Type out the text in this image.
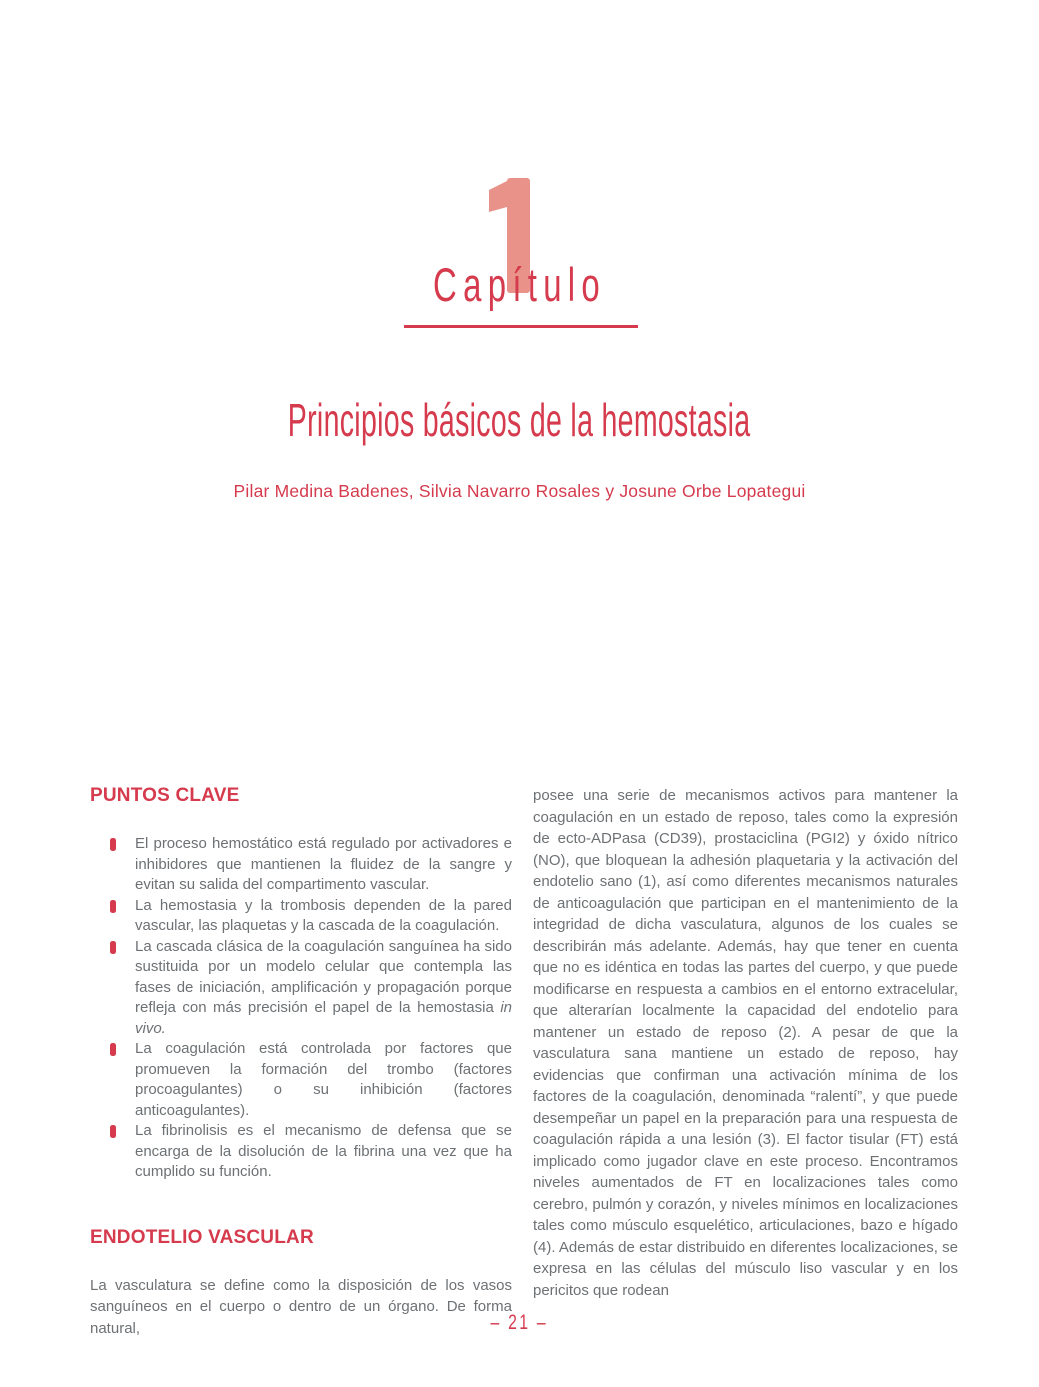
Capítulo
Principios básicos de la hemostasia
Pilar Medina Badenes, Silvia Navarro Rosales y Josune Orbe Lopategui
PUNTOS CLAVE
El proceso hemostático está regulado por activadores e inhibidores que mantienen la fluidez de la sangre y evitan su salida del compartimento vascular.
La hemostasia y la trombosis dependen de la pared vascular, las plaquetas y la cascada de la coagulación.
La cascada clásica de la coagulación sanguínea ha sido sustituida por un modelo celular que contempla las fases de iniciación, amplificación y propagación porque refleja con más precisión el papel de la hemostasia in vivo.
La coagulación está controlada por factores que promueven la formación del trombo (factores procoagulantes) o su inhibición (factores anticoagulantes).
La fibrinolisis es el mecanismo de defensa que se encarga de la disolución de la fibrina una vez que ha cumplido su función.
ENDOTELIO VASCULAR

La vasculatura se define como la disposición de los vasos sanguíneos en el cuerpo o dentro de un órgano. De forma natural,

posee una serie de mecanismos activos para mantener la coagulación en un estado de reposo, tales como la expresión de ecto-ADPasa (CD39), prostaciclina (PGI2) y óxido nítrico (NO), que bloquean la adhesión plaquetaria y la activación del endotelio sano (1), así como diferentes mecanismos naturales de anticoagulación que participan en el mantenimiento de la integridad de dicha vasculatura, algunos de los cuales se describirán más adelante. Además, hay que tener en cuenta que no es idéntica en todas las partes del cuerpo, y que puede modificarse en respuesta a cambios en el entorno extracelular, que alterarían localmente la capacidad del endotelio para mantener un estado de reposo (2). A pesar de que la vasculatura sana mantiene un estado de reposo, hay evidencias que confirman una activación mínima de los factores de la coagulación, denominada “ralentí”, y que puede desempeñar un papel en la preparación para una respuesta de coagulación rápida a una lesión (3). El factor tisular (FT) está implicado como jugador clave en este proceso. Encontramos niveles aumentados de FT en localizaciones tales como cerebro, pulmón y corazón, y niveles mínimos en localizaciones tales como músculo esquelético, articulaciones, bazo e hígado (4). Además de estar distribuido en diferentes localizaciones, se expresa en las células del músculo liso vascular y en los pericitos que rodean

– 21 –
